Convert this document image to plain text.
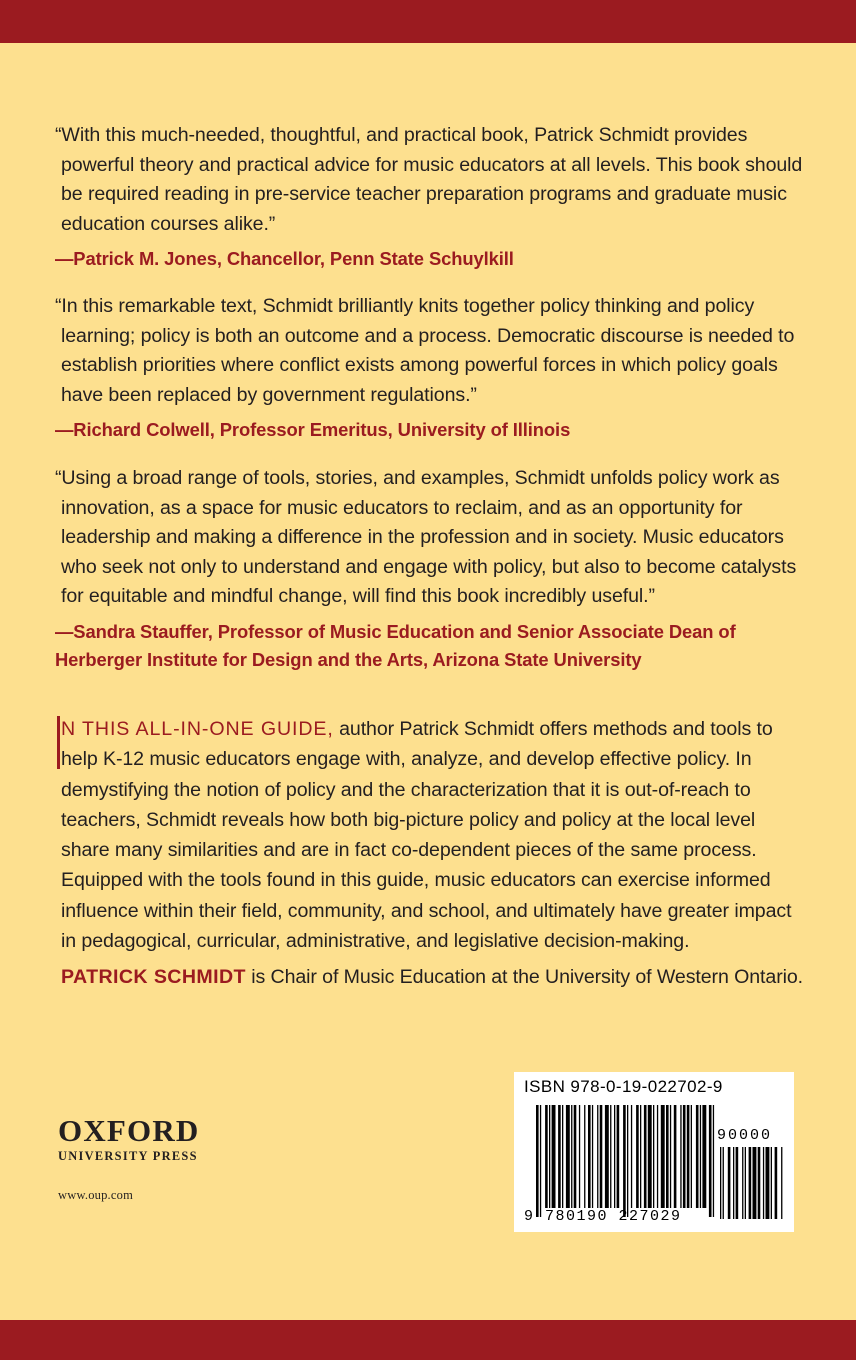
“With this much-needed, thoughtful, and practical book, Patrick Schmidt provides powerful theory and practical advice for music educators at all levels. This book should be required reading in pre-service teacher preparation programs and graduate music education courses alike.”

—Patrick M. Jones, Chancellor, Penn State Schuylkill

“In this remarkable text, Schmidt brilliantly knits together policy thinking and policy learning; policy is both an outcome and a process. Democratic discourse is needed to establish priorities where conflict exists among powerful forces in which policy goals have been replaced by government regulations.”

—Richard Colwell, Professor Emeritus, University of Illinois

“Using a broad range of tools, stories, and examples, Schmidt unfolds policy work as innovation, as a space for music educators to reclaim, and as an opportunity for leadership and making a difference in the profession and in society. Music educators who seek not only to understand and engage with policy, but also to become catalysts for equitable and mindful change, will find this book incredibly useful.”

—Sandra Stauffer, Professor of Music Education and Senior Associate Dean of Herberger Institute for Design and the Arts, Arizona State University

N THIS ALL-IN-ONE GUIDE, author Patrick Schmidt offers methods and tools to help K-12 music educators engage with, analyze, and develop effective policy. In demystifying the notion of policy and the characterization that it is out-of-reach to teachers, Schmidt reveals how both big-picture policy and policy at the local level share many similarities and are in fact co-dependent pieces of the same process. Equipped with the tools found in this guide, music educators can exercise informed influence within their field, community, and school, and ultimately have greater impact in pedagogical, curricular, administrative, and legislative decision-making.

PATRICK SCHMIDT is Chair of Music Education at the University of Western Ontario.

OXFORD
UNIVERSITY PRESS
www.oup.com
ISBN 978-0-19-022702-9
9 780190 227029
90000
